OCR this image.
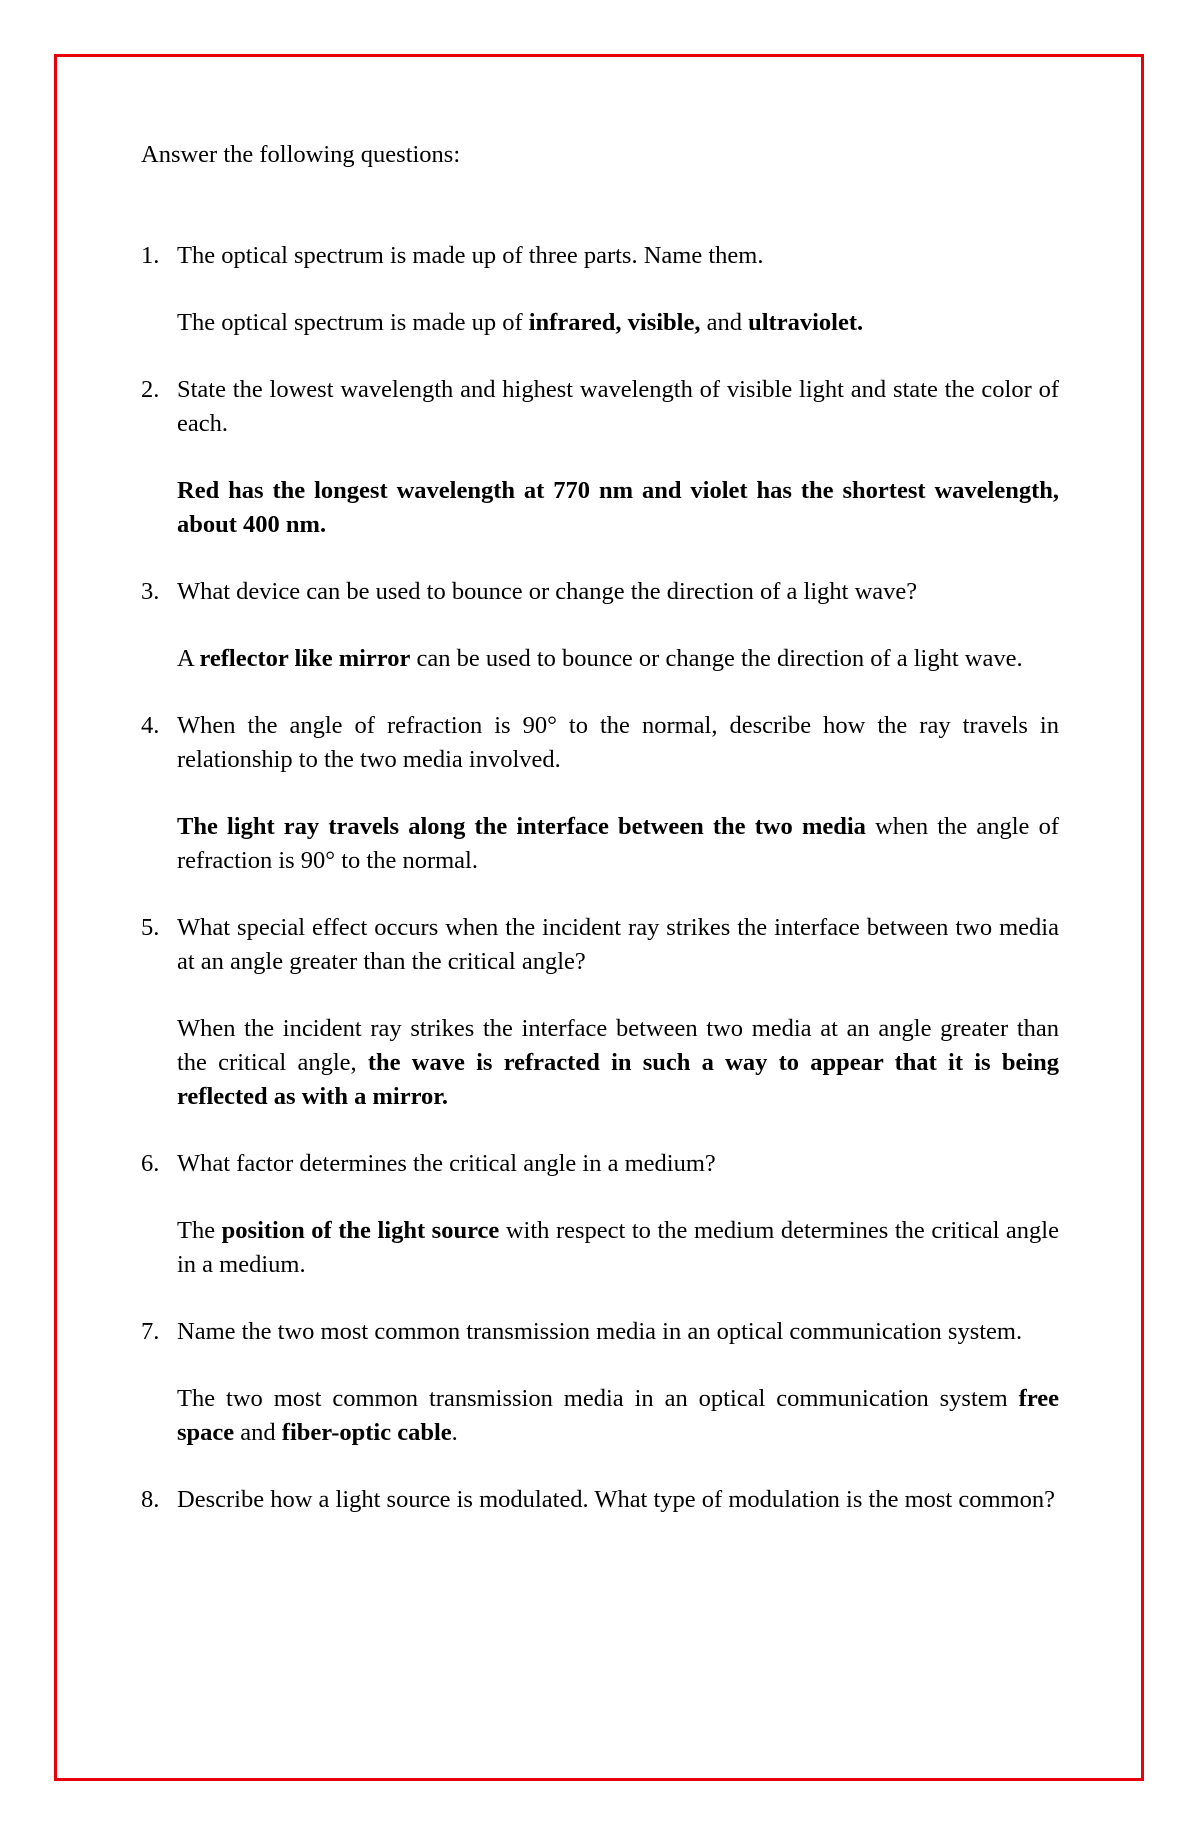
Answer the following questions:

1. The optical spectrum is made up of three parts. Name them.

The optical spectrum is made up of infrared, visible, and ultraviolet.

2. State the lowest wavelength and highest wavelength of visible light and state the color of each.

Red has the longest wavelength at 770 nm and violet has the shortest wavelength, about 400 nm.

3. What device can be used to bounce or change the direction of a light wave?

A reflector like mirror can be used to bounce or change the direction of a light wave.

4. When the angle of refraction is 90° to the normal, describe how the ray travels in relationship to the two media involved.

The light ray travels along the interface between the two media when the angle of refraction is 90° to the normal.

5. What special effect occurs when the incident ray strikes the interface between two media at an angle greater than the critical angle?

When the incident ray strikes the interface between two media at an angle greater than the critical angle, the wave is refracted in such a way to appear that it is being reflected as with a mirror.

6. What factor determines the critical angle in a medium?

The position of the light source with respect to the medium determines the critical angle in a medium.

7. Name the two most common transmission media in an optical communication system.

The two most common transmission media in an optical communication system free space and fiber-optic cable.

8. Describe how a light source is modulated. What type of modulation is the most common?
